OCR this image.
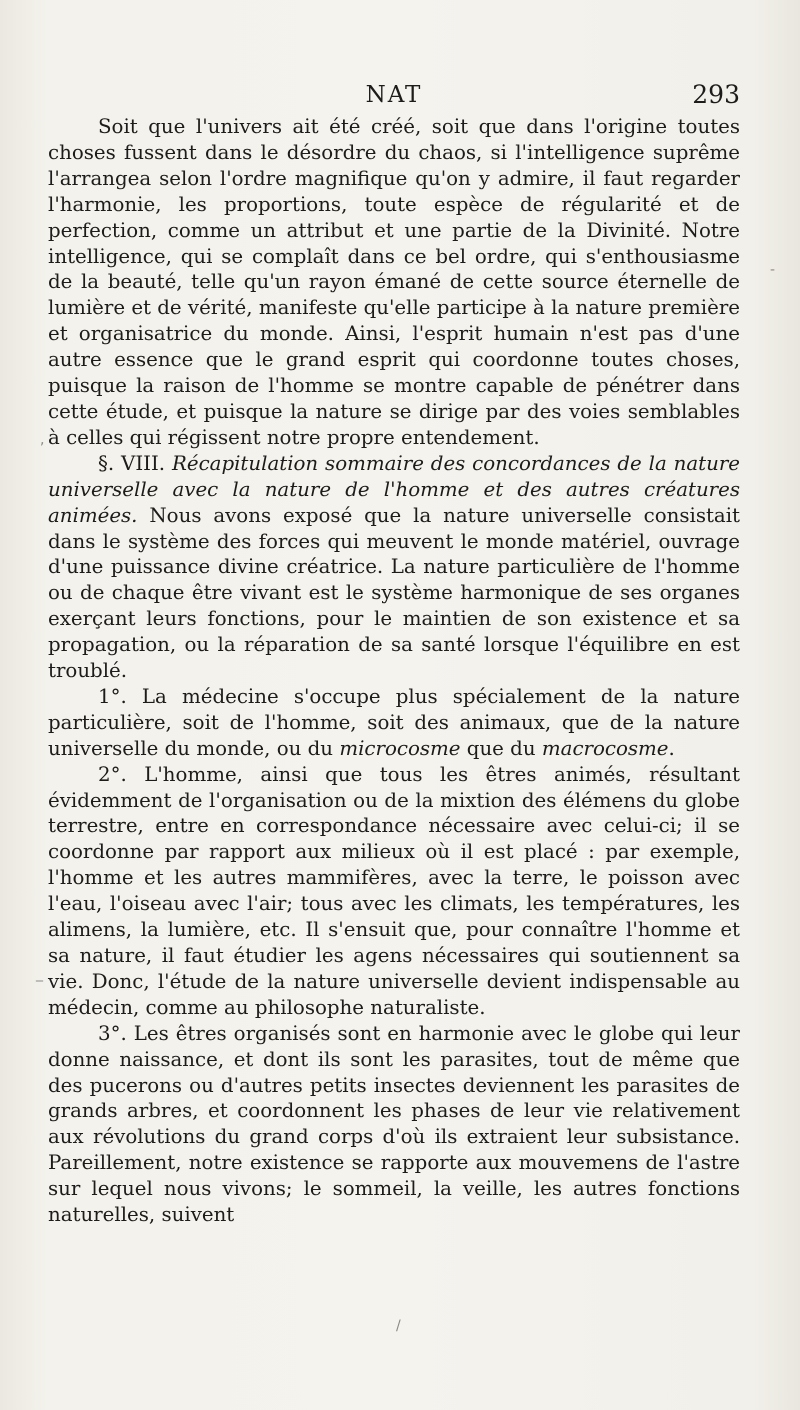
NAT	293

Soit que l'univers ait été créé, soit que dans l'origine toutes choses fussent dans le désordre du chaos, si l'intelligence suprême l'arrangea selon l'ordre magnifique qu'on y admire, il faut regarder l'harmonie, les proportions, toute espèce de régularité et de perfection, comme un attribut et une partie de la Divinité. Notre intelligence, qui se complaît dans ce bel ordre, qui s'enthousiasme de la beauté, telle qu'un rayon émané de cette source éternelle de lumière et de vérité, manifeste qu'elle participe à la nature première et organisatrice du monde. Ainsi, l'esprit humain n'est pas d'une autre essence que le grand esprit qui coordonne toutes choses, puisque la raison de l'homme se montre capable de pénétrer dans cette étude, et puisque la nature se dirige par des voies semblables à celles qui régissent notre propre entendement.

§. VIII. Récapitulation sommaire des concordances de la nature universelle avec la nature de l'homme et des autres créatures animées. Nous avons exposé que la nature universelle consistait dans le système des forces qui meuvent le monde matériel, ouvrage d'une puissance divine créatrice. La nature particulière de l'homme ou de chaque être vivant est le système harmonique de ses organes exerçant leurs fonctions, pour le maintien de son existence et sa propagation, ou la réparation de sa santé lorsque l'équilibre en est troublé.

1°. La médecine s'occupe plus spécialement de la nature particulière, soit de l'homme, soit des animaux, que de la nature universelle du monde, ou du microcosme que du macrocosme.

2°. L'homme, ainsi que tous les êtres animés, résultant évidemment de l'organisation ou de la mixtion des élémens du globe terrestre, entre en correspondance nécessaire avec celui-ci; il se coordonne par rapport aux milieux où il est placé : par exemple, l'homme et les autres mammifères, avec la terre, le poisson avec l'eau, l'oiseau avec l'air; tous avec les climats, les températures, les alimens, la lumière, etc. Il s'ensuit que, pour connaître l'homme et sa nature, il faut étudier les agens nécessaires qui soutiennent sa vie. Donc, l'étude de la nature universelle devient indispensable au médecin, comme au philosophe naturaliste.

3°. Les êtres organisés sont en harmonie avec le globe qui leur donne naissance, et dont ils sont les parasites, tout de même que des pucerons ou d'autres petits insectes deviennent les parasites de grands arbres, et coordonnent les phases de leur vie relativement aux révolutions du grand corps d'où ils extraient leur subsistance. Pareillement, notre existence se rapporte aux mouvemens de l'astre sur lequel nous vivons; le sommeil, la veille, les autres fonctions naturelles, suivent

-
,
_
/
